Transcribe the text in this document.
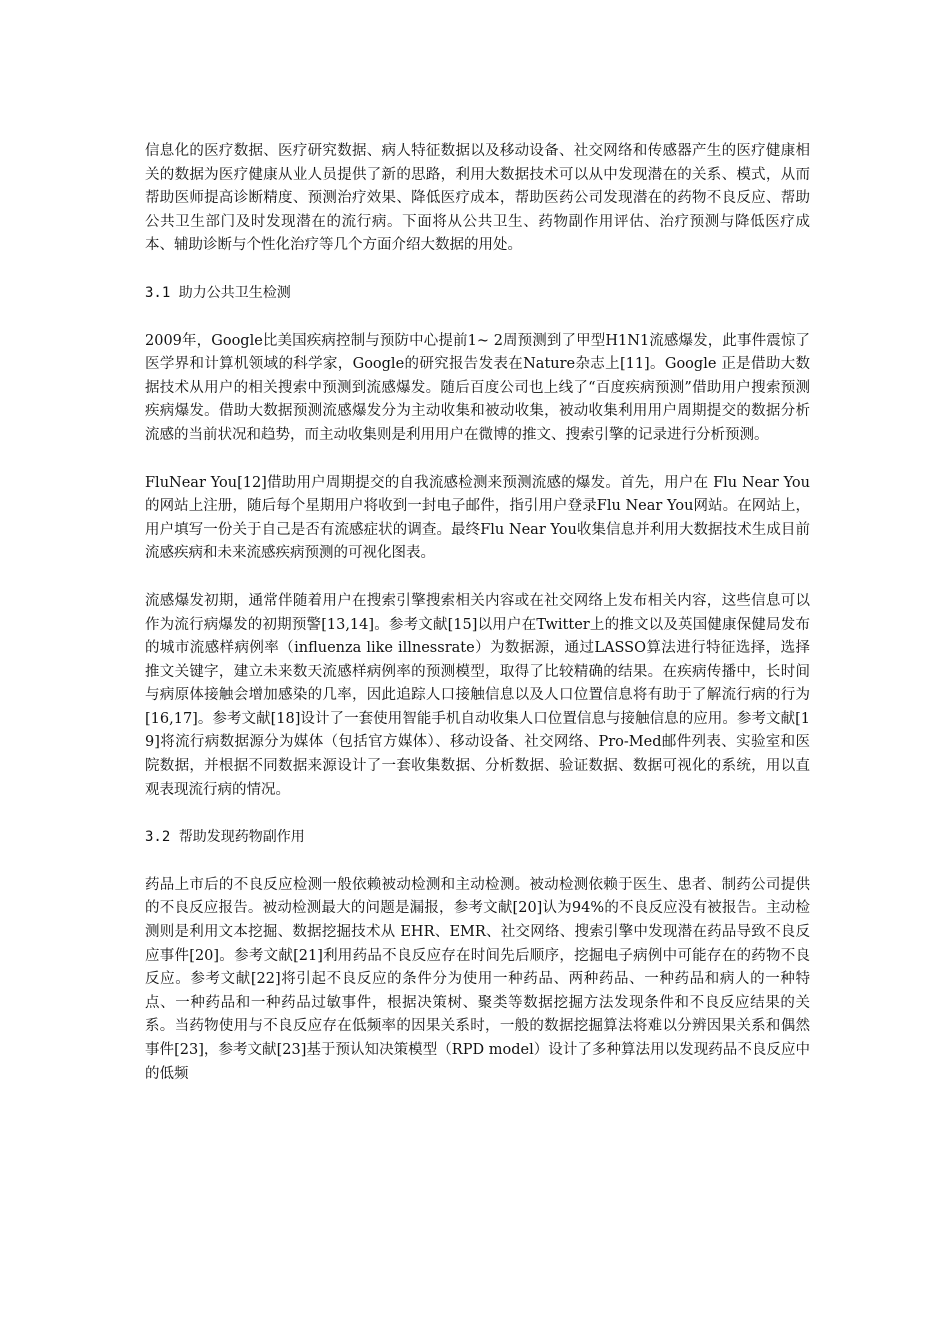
信息化的医疗数据、医疗研究数据、病人特征数据以及移动设备、社交网络和传感器产生的医疗健康相关的数据为医疗健康从业人员提供了新的思路，利用大数据技术可以从中发现潜在的关系、模式，从而帮助医师提高诊断精度、预测治疗效果、降低医疗成本，帮助医药公司发现潜在的药物不良反应、帮助公共卫生部门及时发现潜在的流行病。下面将从公共卫生、药物副作用评估、治疗预测与降低医疗成本、辅助诊断与个性化治疗等几个方面介绍大数据的用处。

3.1 助力公共卫生检测

2009年，Google比美国疾病控制与预防中心提前1~ 2周预测到了甲型H1N1流感爆发，此事件震惊了医学界和计算机领域的科学家，Google的研究报告发表在Nature杂志上[11]。Google 正是借助大数据技术从用户的相关搜索中预测到流感爆发。随后百度公司也上线了“百度疾病预测”借助用户搜索预测疾病爆发。借助大数据预测流感爆发分为主动收集和被动收集，被动收集利用用户周期提交的数据分析流感的当前状况和趋势，而主动收集则是利用用户在微博的推文、搜索引擎的记录进行分析预测。

FluNear You[12]借助用户周期提交的自我流感检测来预测流感的爆发。首先，用户在 Flu Near You的网站上注册，随后每个星期用户将收到一封电子邮件，指引用户登录Flu Near You网站。在网站上，用户填写一份关于自己是否有流感症状的调查。最终Flu Near You收集信息并利用大数据技术生成目前流感疾病和未来流感疾病预测的可视化图表。

流感爆发初期，通常伴随着用户在搜索引擎搜索相关内容或在社交网络上发布相关内容，这些信息可以作为流行病爆发的初期预警[13,14]。参考文献[15]以用户在Twitter上的推文以及英国健康保健局发布的城市流感样病例率（influenza like illnessrate）为数据源，通过LASSO算法进行特征选择，选择推文关键字，建立未来数天流感样病例率的预测模型，取得了比较精确的结果。在疾病传播中，长时间与病原体接触会增加感染的几率，因此追踪人口接触信息以及人口位置信息将有助于了解流行病的行为[16,17]。参考文献[18]设计了一套使用智能手机自动收集人口位置信息与接触信息的应用。参考文献[19]将流行病数据源分为媒体（包括官方媒体）、移动设备、社交网络、Pro-Med邮件列表、实验室和医院数据，并根据不同数据来源设计了一套收集数据、分析数据、验证数据、数据可视化的系统，用以直观表现流行病的情况。

3.2 帮助发现药物副作用

药品上市后的不良反应检测一般依赖被动检测和主动检测。被动检测依赖于医生、患者、制药公司提供的不良反应报告。被动检测最大的问题是漏报，参考文献[20]认为94%的不良反应没有被报告。主动检测则是利用文本挖掘、数据挖掘技术从 EHR、EMR、社交网络、搜索引擎中发现潜在药品导致不良反应事件[20]。参考文献[21]利用药品不良反应存在时间先后顺序，挖掘电子病例中可能存在的药物不良反应。参考文献[22]将引起不良反应的条件分为使用一种药品、两种药品、一种药品和病人的一种特点、一种药品和一种药品过敏事件，根据决策树、聚类等数据挖掘方法发现条件和不良反应结果的关系。当药物使用与不良反应存在低频率的因果关系时，一般的数据挖掘算法将难以分辨因果关系和偶然事件[23]，参考文献[23]基于预认知决策模型（RPD model）设计了多种算法用以发现药品不良反应中的低频
